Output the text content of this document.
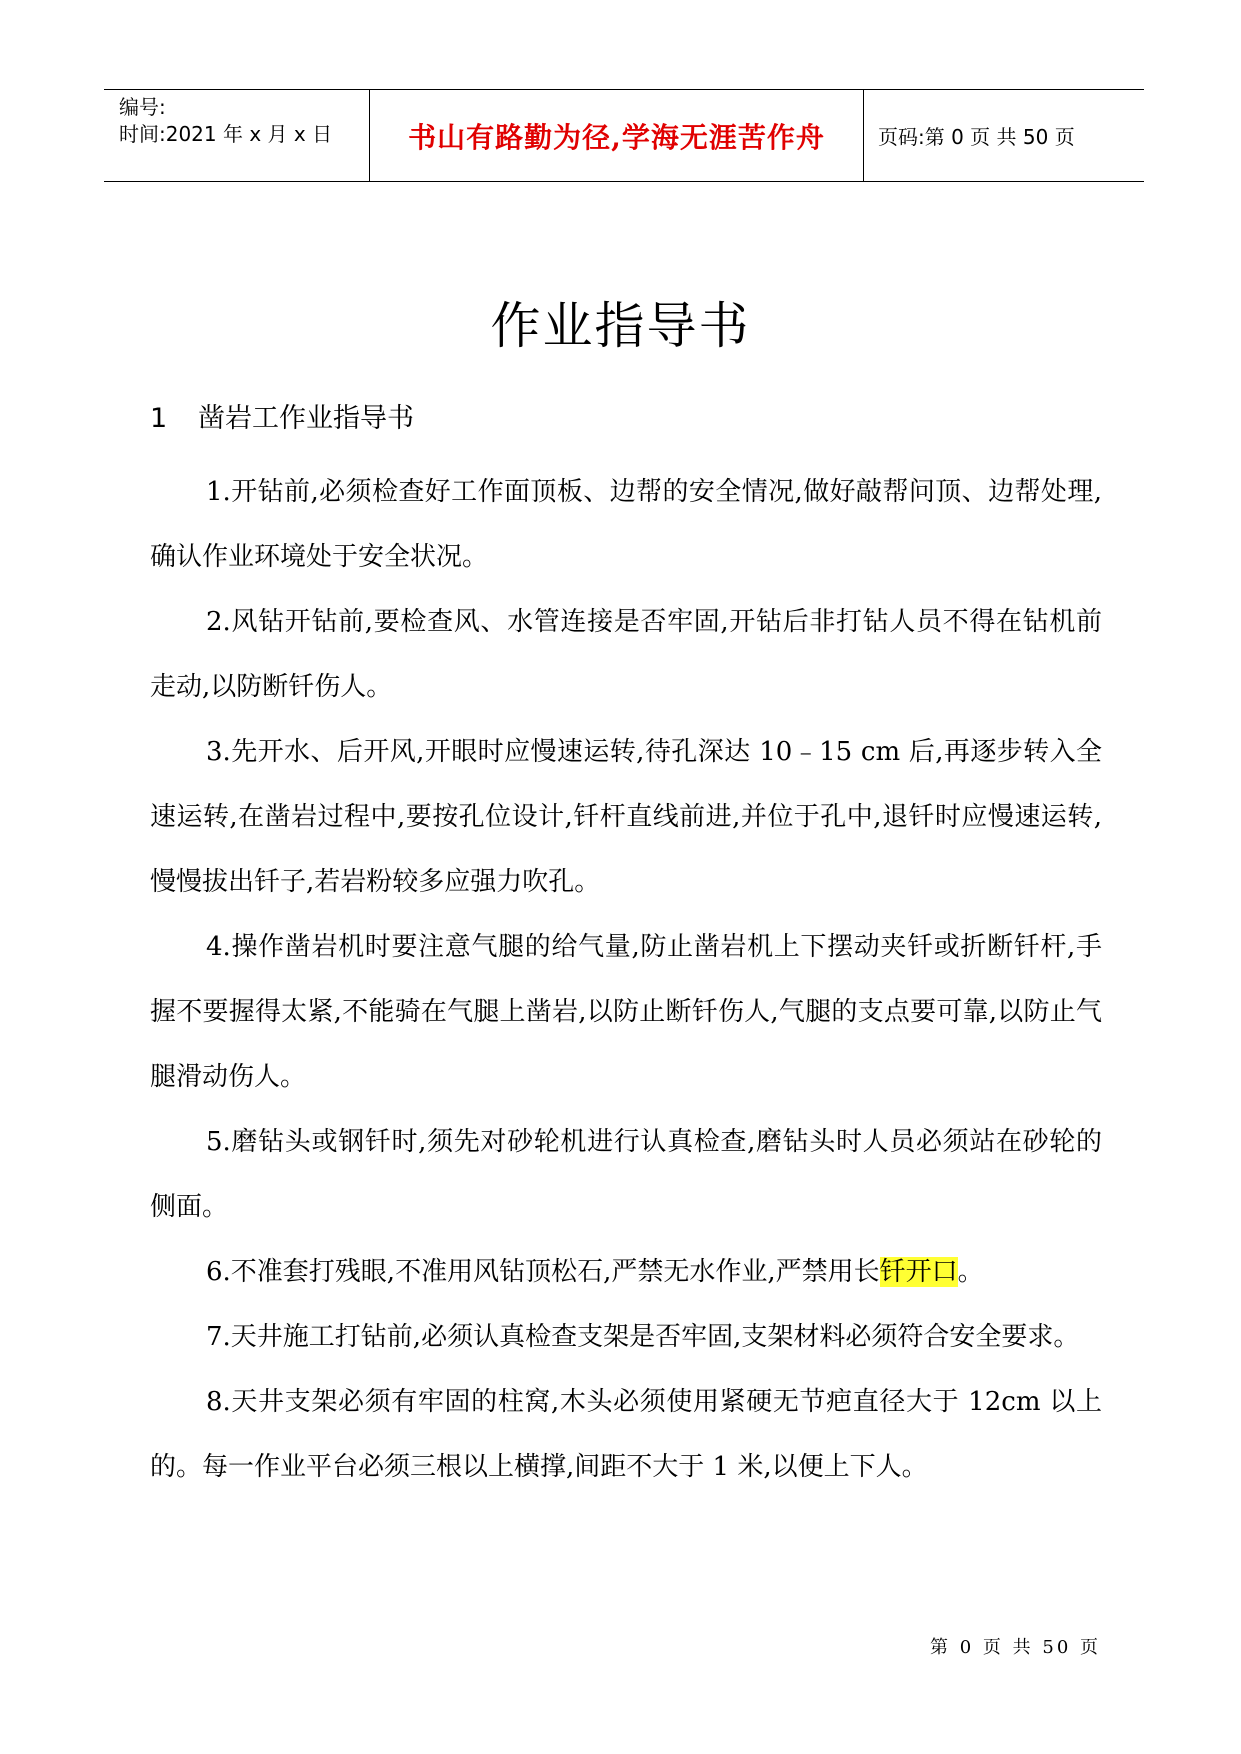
编号:
时间:2021 年 x 月 x 日	书山有路勤为径,学海无涯苦作舟	页码:第 0 页 共 50 页
作业指导书
1 凿岩工作业指导书

1.开钻前,必须检查好工作面顶板、边帮的安全情况,做好敲帮问顶、边帮处理,确认作业环境处于安全状况。

2.风钻开钻前,要检查风、水管连接是否牢固,开钻后非打钻人员不得在钻机前走动,以防断钎伤人。

3.先开水、后开风,开眼时应慢速运转,待孔深达 10﹣15 cm 后,再逐步转入全速运转,在凿岩过程中,要按孔位设计,钎杆直线前进,并位于孔中,退钎时应慢速运转,慢慢拔出钎子,若岩粉较多应强力吹孔。

4.操作凿岩机时要注意气腿的给气量,防止凿岩机上下摆动夹钎或折断钎杆,手握不要握得太紧,不能骑在气腿上凿岩,以防止断钎伤人,气腿的支点要可靠,以防止气腿滑动伤人。

5.磨钻头或钢钎时,须先对砂轮机进行认真检查,磨钻头时人员必须站在砂轮的侧面。

6.不准套打残眼,不准用风钻顶松石,严禁无水作业,严禁用长钎开口。

7.天井施工打钻前,必须认真检查支架是否牢固,支架材料必须符合安全要求。

8.天井支架必须有牢固的柱窝,木头必须使用紧硬无节疤直径大于 12cm 以上的。每一作业平台必须三根以上横撑,间距不大于 1 米,以便上下人。

第 0 页 共 50 页
